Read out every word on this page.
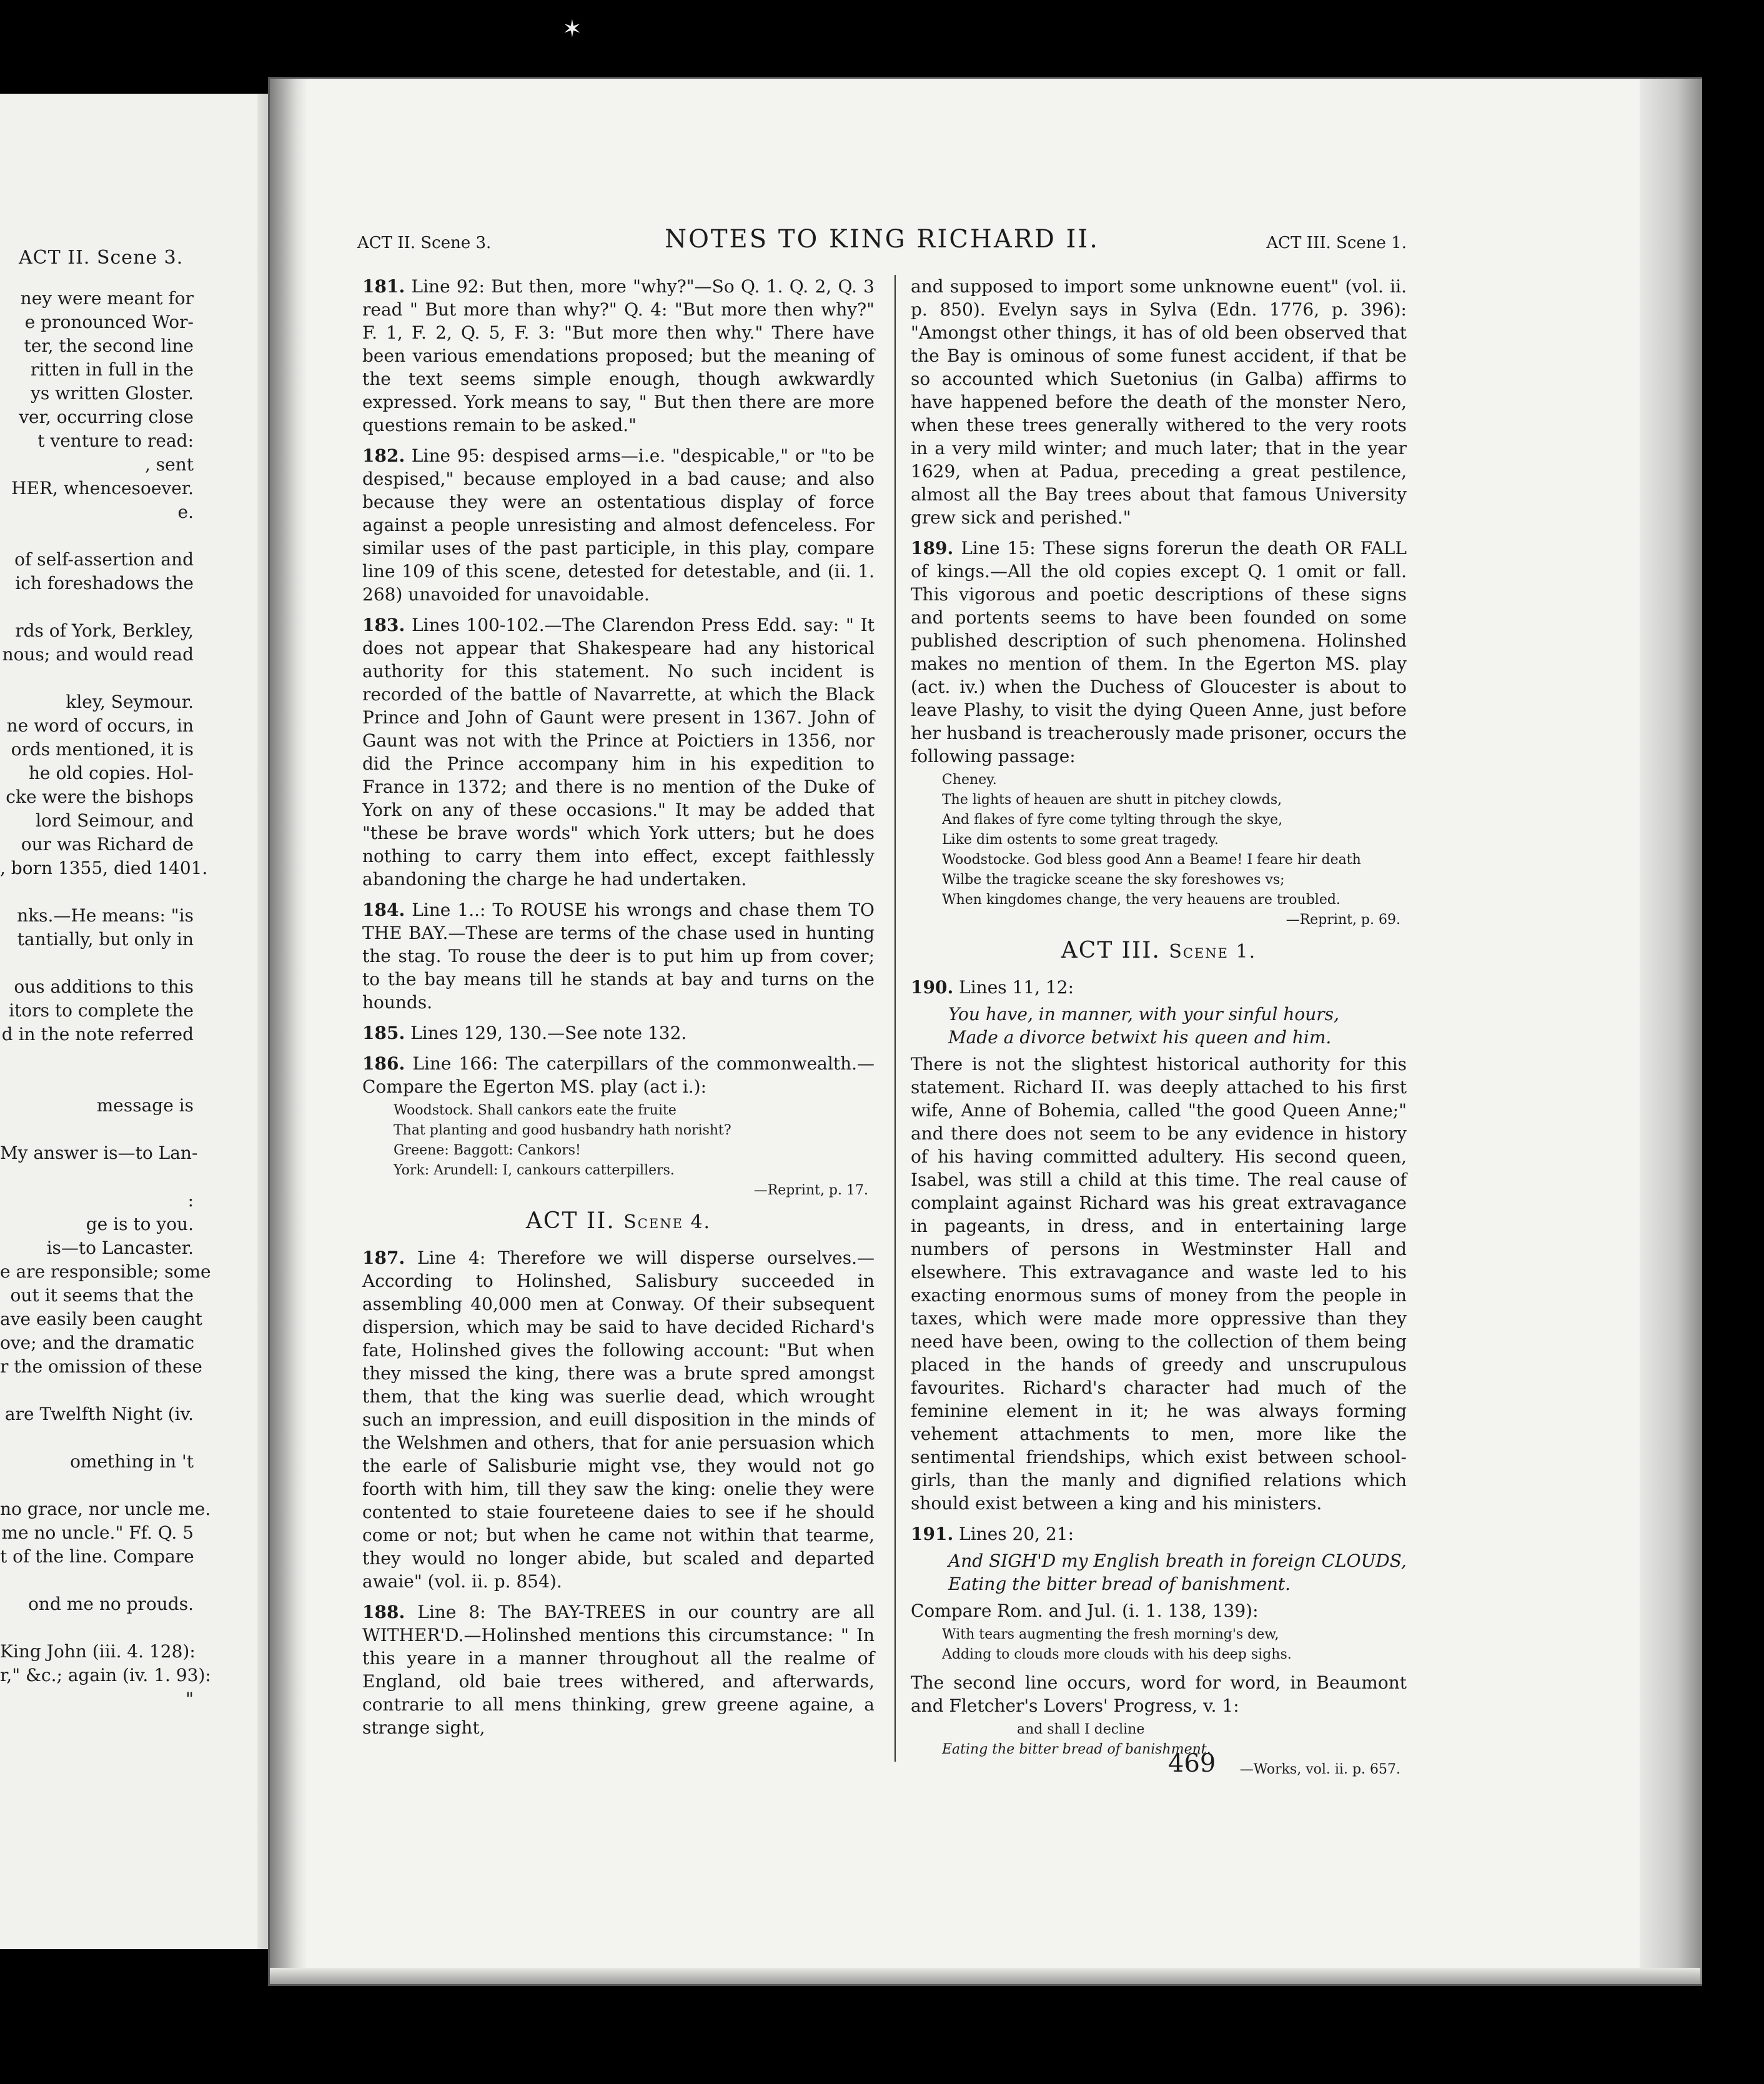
ACT II. Scene 3.
ney were meant for
e pronounced Wor-
ter, the second line
ritten in full in the
ys written Gloster.
ver, occurring close
t venture to read:
, sent
HER, whencesoever.
e.
of self-assertion and
ich foreshadows the
rds of York, Berkley,
nous; and would read
kley, Seymour.
ne word of occurs, in
ords mentioned, it is
he old copies. Hol-
cke were the bishops
lord Seimour, and
our was Richard de
, born 1355, died 1401.
nks.—He means: "is
tantially, but only in
ous additions to this
itors to complete the
d in the note referred
message is
My answer is—to Lan-
:
ge is to you.
is—to Lancaster.
e are responsible; some
out it seems that the
ave easily been caught
ove; and the dramatic
r the omission of these
are Twelfth Night (iv.
omething in 't
no grace, nor uncle me.
me no uncle." Ff. Q. 5
t of the line. Compare
ond me no prouds.
King John (iii. 4. 128):
r," &c.; again (iv. 1. 93):
"
✶
ACT II. Scene 3.	NOTES TO KING RICHARD II.	ACT III. Scene 1.

181. Line 92: But then, more "why?"—So Q. 1. Q. 2, Q. 3 read " But more than why?" Q. 4: "But more then why?" F. 1, F. 2, Q. 5, F. 3: "But more then why." There have been various emendations proposed; but the meaning of the text seems simple enough, though awkwardly expressed. York means to say, " But then there are more questions remain to be asked."

182. Line 95: despised arms—i.e. "despicable," or "to be despised," because employed in a bad cause; and also because they were an ostentatious display of force against a people unresisting and almost defenceless. For similar uses of the past participle, in this play, compare line 109 of this scene, detested for detestable, and (ii. 1. 268) unavoided for unavoidable.

183. Lines 100-102.—The Clarendon Press Edd. say: " It does not appear that Shakespeare had any historical authority for this statement. No such incident is recorded of the battle of Navarrette, at which the Black Prince and John of Gaunt were present in 1367. John of Gaunt was not with the Prince at Poictiers in 1356, nor did the Prince accompany him in his expedition to France in 1372; and there is no mention of the Duke of York on any of these occasions." It may be added that "these be brave words" which York utters; but he does nothing to carry them into effect, except faithlessly abandoning the charge he had undertaken.

184. Line 1..: To ROUSE his wrongs and chase them TO THE BAY.—These are terms of the chase used in hunting the stag. To rouse the deer is to put him up from cover; to the bay means till he stands at bay and turns on the hounds.

185. Lines 129, 130.—See note 132.

186. Line 166: The caterpillars of the commonwealth.—Compare the Egerton MS. play (act i.):

Woodstock. Shall cankors eate the fruite
That planting and good husbandry hath norisht?
Greene: Baggott: Cankors!
York: Arundell: I, cankours catterpillers.
—Reprint, p. 17.
ACT II. Scene 4.

187. Line 4: Therefore we will disperse ourselves.—According to Holinshed, Salisbury succeeded in assembling 40,000 men at Conway. Of their subsequent dispersion, which may be said to have decided Richard's fate, Holinshed gives the following account: "But when they missed the king, there was a brute spred amongst them, that the king was suerlie dead, which wrought such an impression, and euill disposition in the minds of the Welshmen and others, that for anie persuasion which the earle of Salisburie might vse, they would not go foorth with him, till they saw the king: onelie they were contented to staie foureteene daies to see if he should come or not; but when he came not within that tearme, they would no longer abide, but scaled and departed awaie" (vol. ii. p. 854).

188. Line 8: The BAY-TREES in our country are all WITHER'D.—Holinshed mentions this circumstance: " In this yeare in a manner throughout all the realme of England, old baie trees withered, and afterwards, contrarie to all mens thinking, grew greene againe, a strange sight,

and supposed to import some unknowne euent" (vol. ii. p. 850). Evelyn says in Sylva (Edn. 1776, p. 396): "Amongst other things, it has of old been observed that the Bay is ominous of some funest accident, if that be so accounted which Suetonius (in Galba) affirms to have happened before the death of the monster Nero, when these trees generally withered to the very roots in a very mild winter; and much later; that in the year 1629, when at Padua, preceding a great pestilence, almost all the Bay trees about that famous University grew sick and perished."

189. Line 15: These signs forerun the death OR FALL of kings.—All the old copies except Q. 1 omit or fall. This vigorous and poetic descriptions of these signs and portents seems to have been founded on some published description of such phenomena. Holinshed makes no mention of them. In the Egerton MS. play (act. iv.) when the Duchess of Gloucester is about to leave Plashy, to visit the dying Queen Anne, just before her husband is treacherously made prisoner, occurs the following passage:

Cheney.
The lights of heauen are shutt in pitchey clowds,
And flakes of fyre come tylting through the skye,
Like dim ostents to some great tragedy.
Woodstocke. God bless good Ann a Beame! I feare hir death
Wilbe the tragicke sceane the sky foreshowes vs;
When kingdomes change, the very heauens are troubled.
—Reprint, p. 69.
ACT III. Scene 1.

190. Lines 11, 12:

You have, in manner, with your sinful hours,
Made a divorce betwixt his queen and him.

There is not the slightest historical authority for this statement. Richard II. was deeply attached to his first wife, Anne of Bohemia, called "the good Queen Anne;" and there does not seem to be any evidence in history of his having committed adultery. His second queen, Isabel, was still a child at this time. The real cause of complaint against Richard was his great extravagance in pageants, in dress, and in entertaining large numbers of persons in Westminster Hall and elsewhere. This extravagance and waste led to his exacting enormous sums of money from the people in taxes, which were made more oppressive than they need have been, owing to the collection of them being placed in the hands of greedy and unscrupulous favourites. Richard's character had much of the feminine element in it; he was always forming vehement attachments to men, more like the sentimental friendships, which exist between school-girls, than the manly and dignified relations which should exist between a king and his ministers.

191. Lines 20, 21:

And SIGH'D my English breath in foreign CLOUDS,
Eating the bitter bread of banishment.

Compare Rom. and Jul. (i. 1. 138, 139):

With tears augmenting the fresh morning's dew,
Adding to clouds more clouds with his deep sighs.

The second line occurs, word for word, in Beaumont and Fletcher's Lovers' Progress, v. 1:

and shall I decline
Eating the bitter bread of banishment.
—Works, vol. ii. p. 657.
469
